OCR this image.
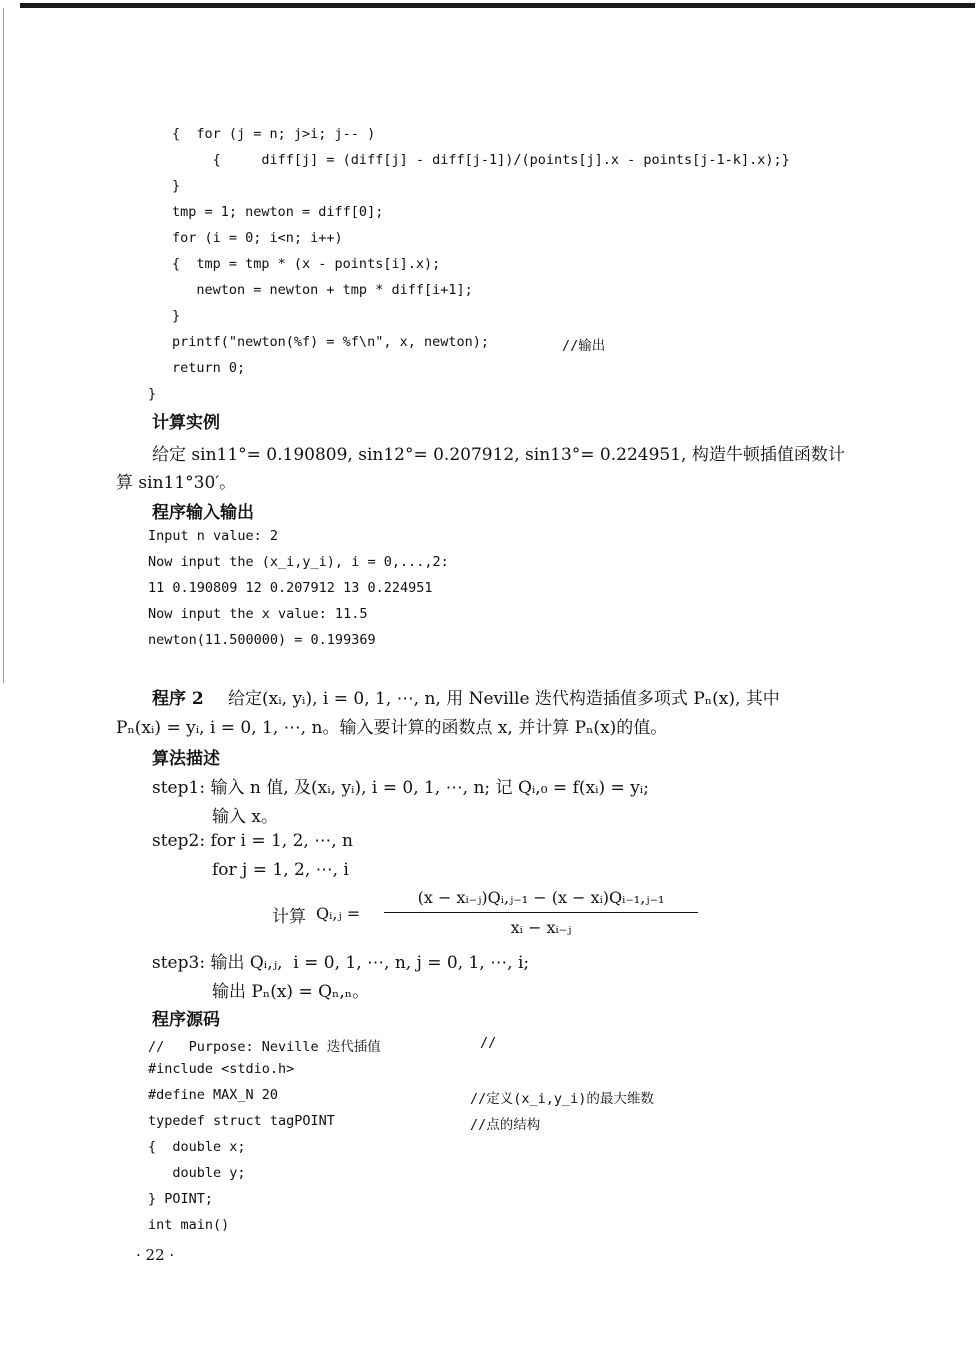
{  for (j = n; j>i; j-- )
{     diff[j] = (diff[j] - diff[j-1])/(points[j].x - points[j-1-k].x);}
}
tmp = 1; newton = diff[0];
for (i = 0; i<n; i++)
{  tmp = tmp * (x - points[i].x);
newton = newton + tmp * diff[i+1];
}
printf("newton(%f) = %f\n", x, newton);	//输出
return 0;
}
计算实例
给定 sin11°= 0.190809, sin12°= 0.207912, sin13°= 0.224951, 构造牛顿插值函数计
算 sin11°30′。
程序输入输出
Input n value: 2
Now input the (x_i,y_i), i = 0,...,2:
11 0.190809 12 0.207912 13 0.224951
Now input the x value: 11.5
newton(11.500000) = 0.199369
程序 2 给定(xᵢ, yᵢ), i = 0, 1, ⋯, n, 用 Neville 迭代构造插值多项式 Pₙ(x), 其中
Pₙ(xᵢ) = yᵢ, i = 0, 1, ⋯, n。输入要计算的函数点 x, 并计算 Pₙ(x)的值。
算法描述
step1: 输入 n 值, 及(xᵢ, yᵢ), i = 0, 1, ⋯, n; 记 Qᵢ,₀ = f(xᵢ) = yᵢ;
输入 x。
step2: for i = 1, 2, ⋯, n
for j = 1, 2, ⋯, i
计算 Qᵢ,ⱼ =
(x − xᵢ₋ⱼ)Qᵢ,ⱼ₋₁ − (x − xᵢ)Qᵢ₋₁,ⱼ₋₁
xᵢ − xᵢ₋ⱼ
step3: 输出 Qᵢ,ⱼ,  i = 0, 1, ⋯, n, j = 0, 1, ⋯, i;
输出 Pₙ(x) = Qₙ,ₙ。
程序源码
//   Purpose: Neville 迭代插值	//
#include <stdio.h>
#define MAX_N 20	//定义(x_i,y_i)的最大维数
typedef struct tagPOINT	//点的结构
{  double x;
double y;
} POINT;
int main()
· 22 ·
